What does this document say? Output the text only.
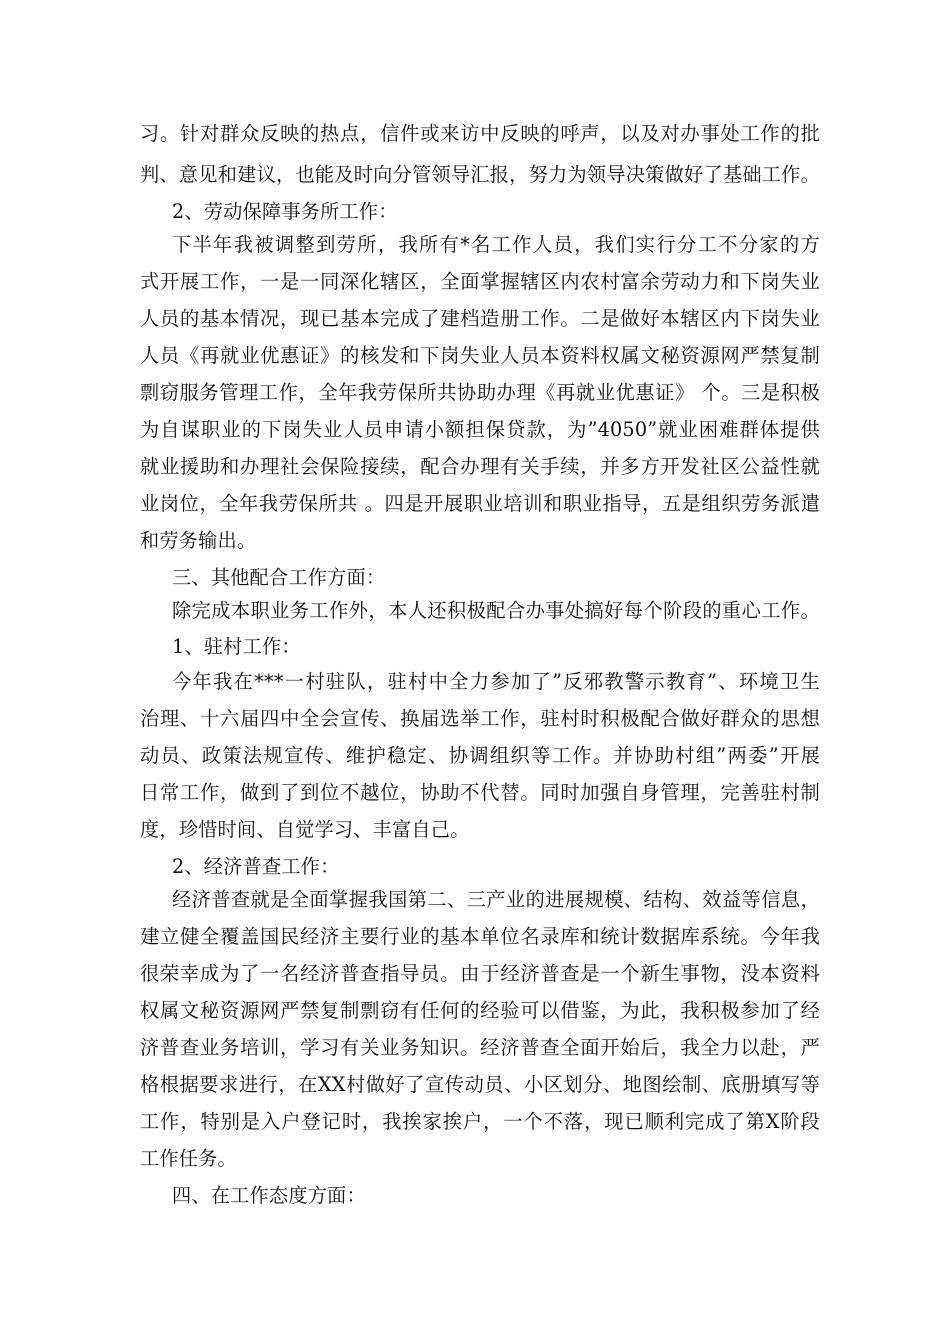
习。针对群众反映的热点，信件或来访中反映的呼声，以及对办事处工作的批
判、意见和建议，也能及时向分管领导汇报，努力为领导决策做好了基础工作。
2、劳动保障事务所工作：
下半年我被调整到劳所，我所有*名工作人员，我们实行分工不分家的方
式开展工作，一是一同深化辖区，全面掌握辖区内农村富余劳动力和下岗失业
人员的基本情况，现已基本完成了建档造册工作。二是做好本辖区内下岗失业
人员《再就业优惠证》的核发和下岗失业人员本资料权属文秘资源网严禁复制
剽窃服务管理工作，全年我劳保所共协助办理《再就业优惠证》 个。三是积极
为自谋职业的下岗失业人员申请小额担保贷款，为”4050”就业困难群体提供
就业援助和办理社会保险接续，配合办理有关手续，并多方开发社区公益性就
业岗位，全年我劳保所共 。四是开展职业培训和职业指导，五是组织劳务派遣
和劳务输出。
三、其他配合工作方面：
除完成本职业务工作外，本人还积极配合办事处搞好每个阶段的重心工作。
1、驻村工作：
今年我在***一村驻队，驻村中全力参加了”反邪教警示教育”、环境卫生
治理、十六届四中全会宣传、换届选举工作，驻村时积极配合做好群众的思想
动员、政策法规宣传、维护稳定、协调组织等工作。并协助村组”两委”开展
日常工作，做到了到位不越位，协助不代替。同时加强自身管理，完善驻村制
度，珍惜时间、自觉学习、丰富自己。
2、经济普查工作：
经济普查就是全面掌握我国第二、三产业的进展规模、结构、效益等信息，
建立健全覆盖国民经济主要行业的基本单位名录库和统计数据库系统。今年我
很荣幸成为了一名经济普查指导员。由于经济普查是一个新生事物，没本资料
权属文秘资源网严禁复制剽窃有任何的经验可以借鉴，为此，我积极参加了经
济普查业务培训，学习有关业务知识。经济普查全面开始后，我全力以赴，严
格根据要求进行，在XX村做好了宣传动员、小区划分、地图绘制、底册填写等
工作，特别是入户登记时，我挨家挨户，一个不落，现已顺利完成了第X阶段
工作任务。
四、在工作态度方面：
